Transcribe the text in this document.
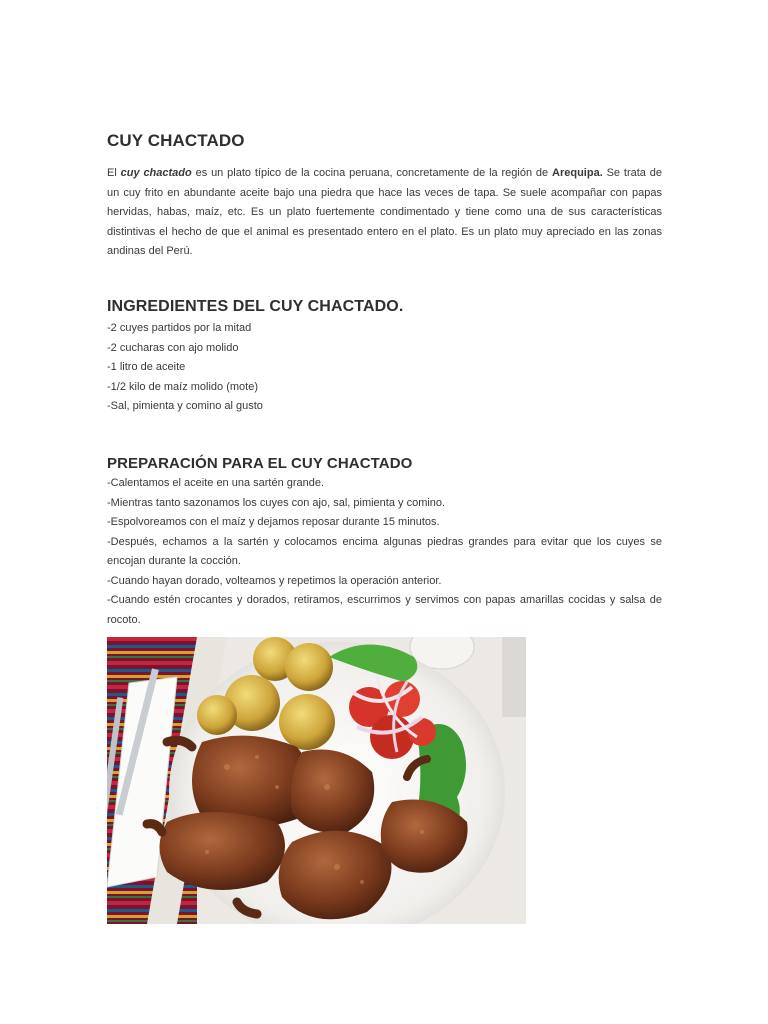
CUY CHACTADO

El cuy chactado es un plato típico de la cocina peruana, concretamente de la región de Arequipa. Se trata de un cuy frito en abundante aceite bajo una piedra que hace las veces de tapa. Se suele acompañar con papas hervidas, habas, maíz, etc. Es un plato fuertemente condimentado y tiene como una de sus características distintivas el hecho de que el animal es presentado entero en el plato. Es un plato muy apreciado en las zonas andinas del Perú.

INGREDIENTES DEL CUY CHACTADO.
-2 cuyes partidos por la mitad
-2 cucharas con ajo molido
-1 litro de aceite
-1/2 kilo de maíz molido (mote)
-Sal, pimienta y comino al gusto
PREPARACIÓN PARA EL CUY CHACTADO
-Calentamos el aceite en una sartén grande.
-Mientras tanto sazonamos los cuyes con ajo, sal, pimienta y comino.
-Espolvoreamos con el maíz y dejamos reposar durante 15 minutos.
-Después, echamos a la sartén y colocamos encima algunas piedras grandes para evitar que los cuyes se encojan durante la cocción.
-Cuando hayan dorado, volteamos y repetimos la operación anterior.
-Cuando estén crocantes y dorados, retiramos, escurrimos y servimos con papas amarillas cocidas y salsa de rocoto.
